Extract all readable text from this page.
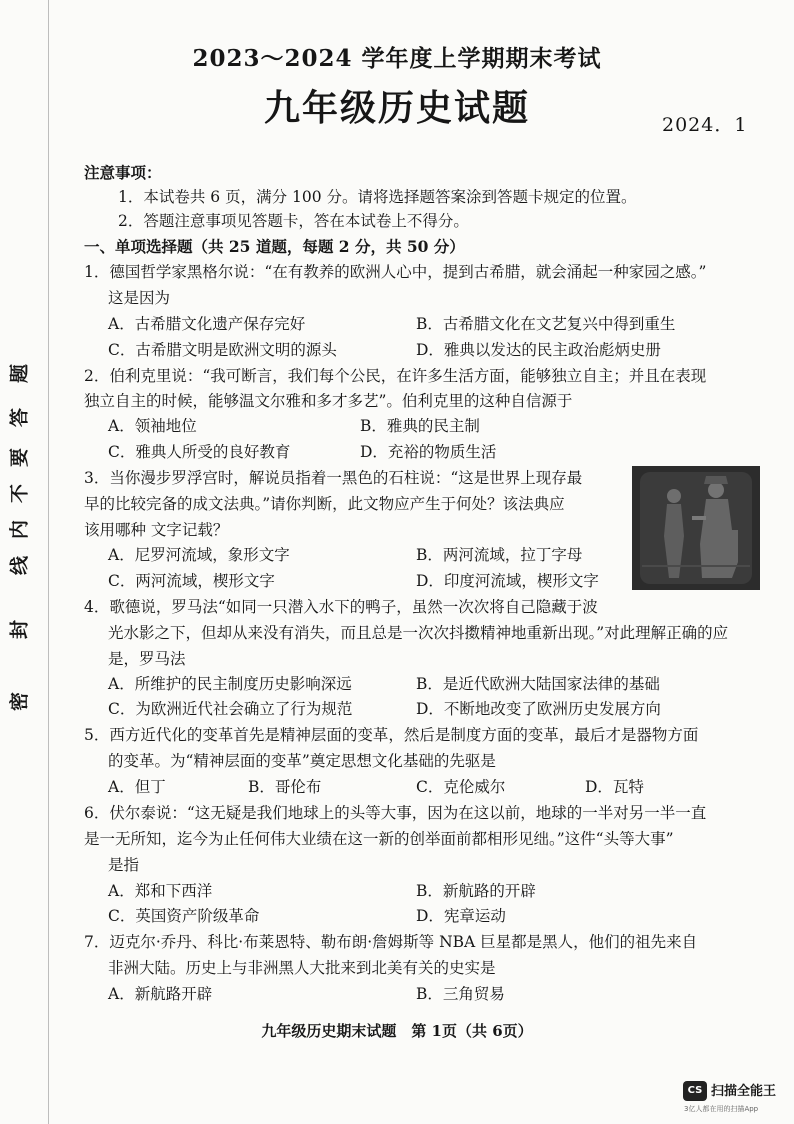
密
封
线
内
不
要
答
题
2023～2024 学年度上学期期末考试
九年级历史试题	2024．1
注意事项：
1．本试卷共 6 页，满分 100 分。请将选择题答案涂到答题卡规定的位置。
2．答题注意事项见答题卡，答在本试卷上不得分。
一、单项选择题（共 25 道题，每题 2 分，共 50 分）
1．德国哲学家黑格尔说：“在有教养的欧洲人心中，提到古希腊，就会涌起一种家园之感。”
这是因为
A．古希腊文化遗产保存完好	B．古希腊文化在文艺复兴中得到重生
C．古希腊文明是欧洲文明的源头	D．雅典以发达的民主政治彪炳史册
2．伯利克里说：“我可断言，我们每个公民，在许多生活方面，能够独立自主；并且在表现
独立自主的时候，能够温文尔雅和多才多艺”。伯利克里的这种自信源于
A．领袖地位	B．雅典的民主制
C．雅典人所受的良好教育	D．充裕的物质生活
3．当你漫步罗浮宫时，解说员指着一黑色的石柱说：“这是世界上现存最
早的比较完备的成文法典。”请你判断，此文物应产生于何处？该法典应
该用哪种 文字记载？
A．尼罗河流域，象形文字	B．两河流域，拉丁字母
C．两河流域，楔形文字	D．印度河流域，楔形文字
4．歌德说，罗马法“如同一只潜入水下的鸭子，虽然一次次将自己隐藏于波
光水影之下，但却从来没有消失，而且总是一次次抖擞精神地重新出现。”对此理解正确的应
是，罗马法
A．所维护的民主制度历史影响深远	B．是近代欧洲大陆国家法律的基础
C．为欧洲近代社会确立了行为规范	D．不断地改变了欧洲历史发展方向
5．西方近代化的变革首先是精神层面的变革，然后是制度方面的变革，最后才是器物方面
的变革。为“精神层面的变革”奠定思想文化基础的先驱是
A．但丁	B．哥伦布	C．克伦威尔	D．瓦特
6．伏尔泰说：“这无疑是我们地球上的头等大事，因为在这以前，地球的一半对另一半一直
是一无所知，迄今为止任何伟大业绩在这一新的创举面前都相形见绌。”这件“头等大事”
是指
A．郑和下西洋	B．新航路的开辟
C．英国资产阶级革命	D．宪章运动
7．迈克尔·乔丹、科比·布莱恩特、勒布朗·詹姆斯等 NBA 巨星都是黑人，他们的祖先来自
非洲大陆。历史上与非洲黑人大批来到北美有关的史实是
A．新航路开辟	B．三角贸易
九年级历史期末试题　第 1页（共 6页）
CS 扫描全能王
3亿人都在用的扫描App
